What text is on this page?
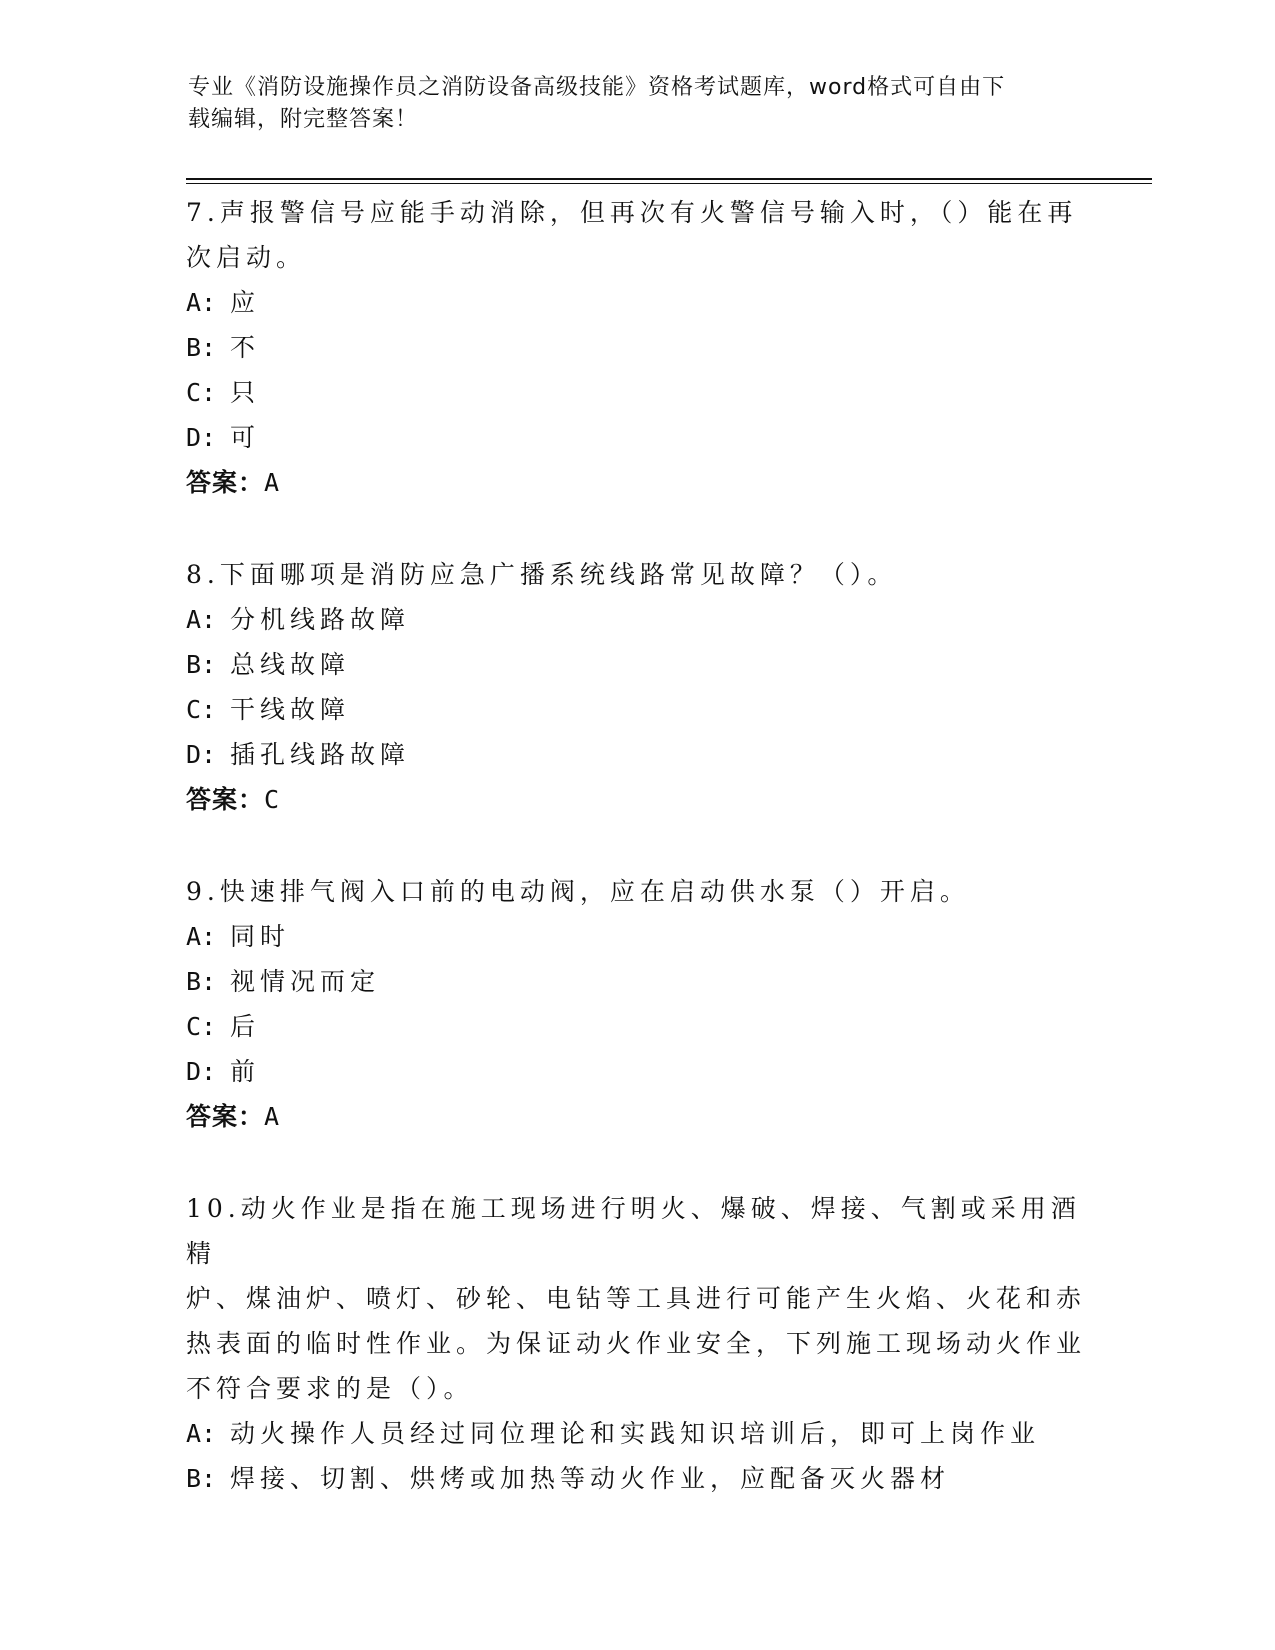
专业《消防设施操作员之消防设备高级技能》资格考试题库，word格式可自由下
载编辑，附完整答案！

7.声报警信号应能手动消除，但再次有火警信号输入时，（）能在再

次启动。

A: 应

B: 不

C: 只

D: 可

答案：A

8.下面哪项是消防应急广播系统线路常见故障？（）。

A: 分机线路故障

B: 总线故障

C: 干线故障

D: 插孔线路故障

答案：C

9.快速排气阀入口前的电动阀，应在启动供水泵（）开启。

A: 同时

B: 视情况而定

C: 后

D: 前

答案：A

10.动火作业是指在施工现场进行明火、爆破、焊接、气割或采用酒精

炉、煤油炉、喷灯、砂轮、电钻等工具进行可能产生火焰、火花和赤

热表面的临时性作业。为保证动火作业安全，下列施工现场动火作业

不符合要求的是（）。

A: 动火操作人员经过同位理论和实践知识培训后，即可上岗作业

B: 焊接、切割、烘烤或加热等动火作业，应配备灭火器材
